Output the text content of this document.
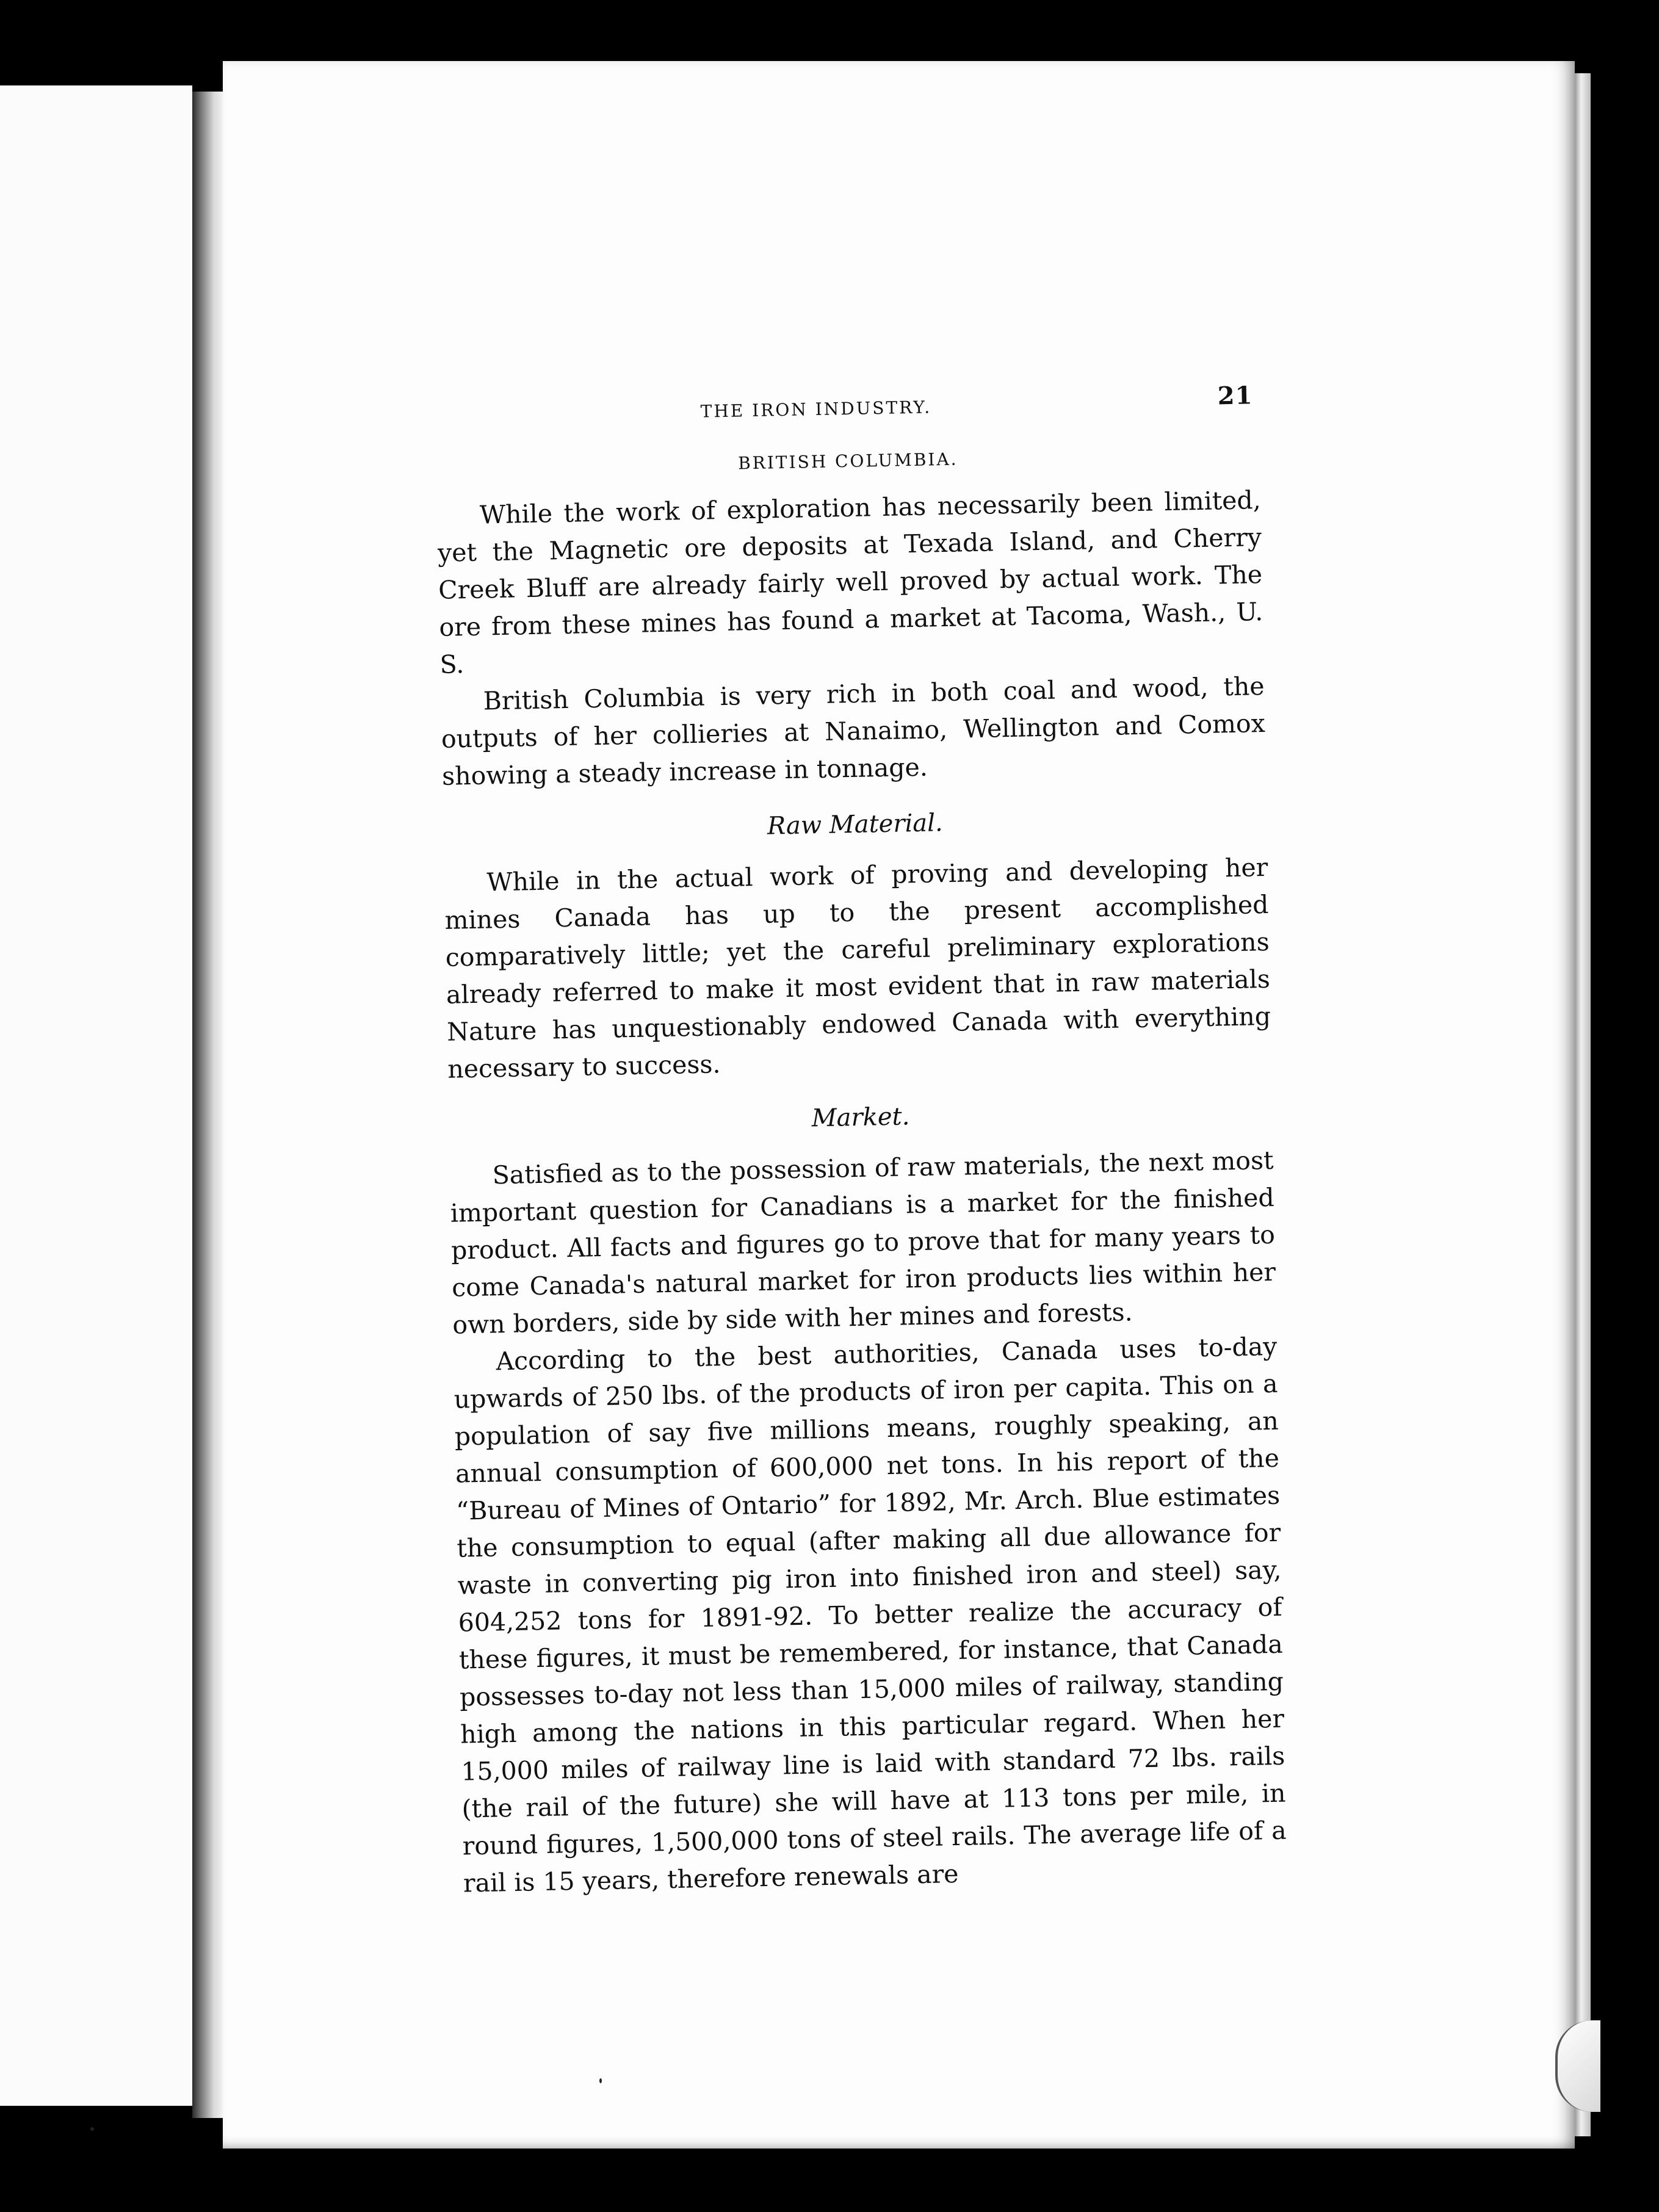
THE IRON INDUSTRY.	21
BRITISH COLUMBIA.

While the work of exploration has necessarily been limited, yet the Magnetic ore deposits at Texada Island, and Cherry Creek Bluff are already fairly well proved by actual work. The ore from these mines has found a market at Tacoma, Wash., U. S.

British Columbia is very rich in both coal and wood, the outputs of her collieries at Nanaimo, Wellington and Comox showing a steady increase in tonnage.

Raw Material.

While in the actual work of proving and developing her mines Canada has up to the present accomplished comparatively little; yet the careful preliminary explorations already referred to make it most evident that in raw materials Nature has unquestionably endowed Canada with everything necessary to success.

Market.

Satisfied as to the possession of raw materials, the next most important question for Canadians is a market for the finished product. All facts and figures go to prove that for many years to come Canada's natural market for iron products lies within her own borders, side by side with her mines and forests.

According to the best authorities, Canada uses to-day upwards of 250 lbs. of the products of iron per capita. This on a population of say five millions means, roughly speaking, an annual consumption of 600,000 net tons. In his report of the “Bureau of Mines of Ontario” for 1892, Mr. Arch. Blue estimates the consumption to equal (after making all due allowance for waste in converting pig iron into finished iron and steel) say, 604,252 tons for 1891-92. To better realize the accuracy of these figures, it must be remembered, for instance, that Canada possesses to-day not less than 15,000 miles of railway, standing high among the nations in this particular regard. When her 15,000 miles of railway line is laid with standard 72 lbs. rails (the rail of the future) she will have at 113 tons per mile, in round figures, 1,500,000 tons of steel rails. The average life of a rail is 15 years, therefore renewals are
